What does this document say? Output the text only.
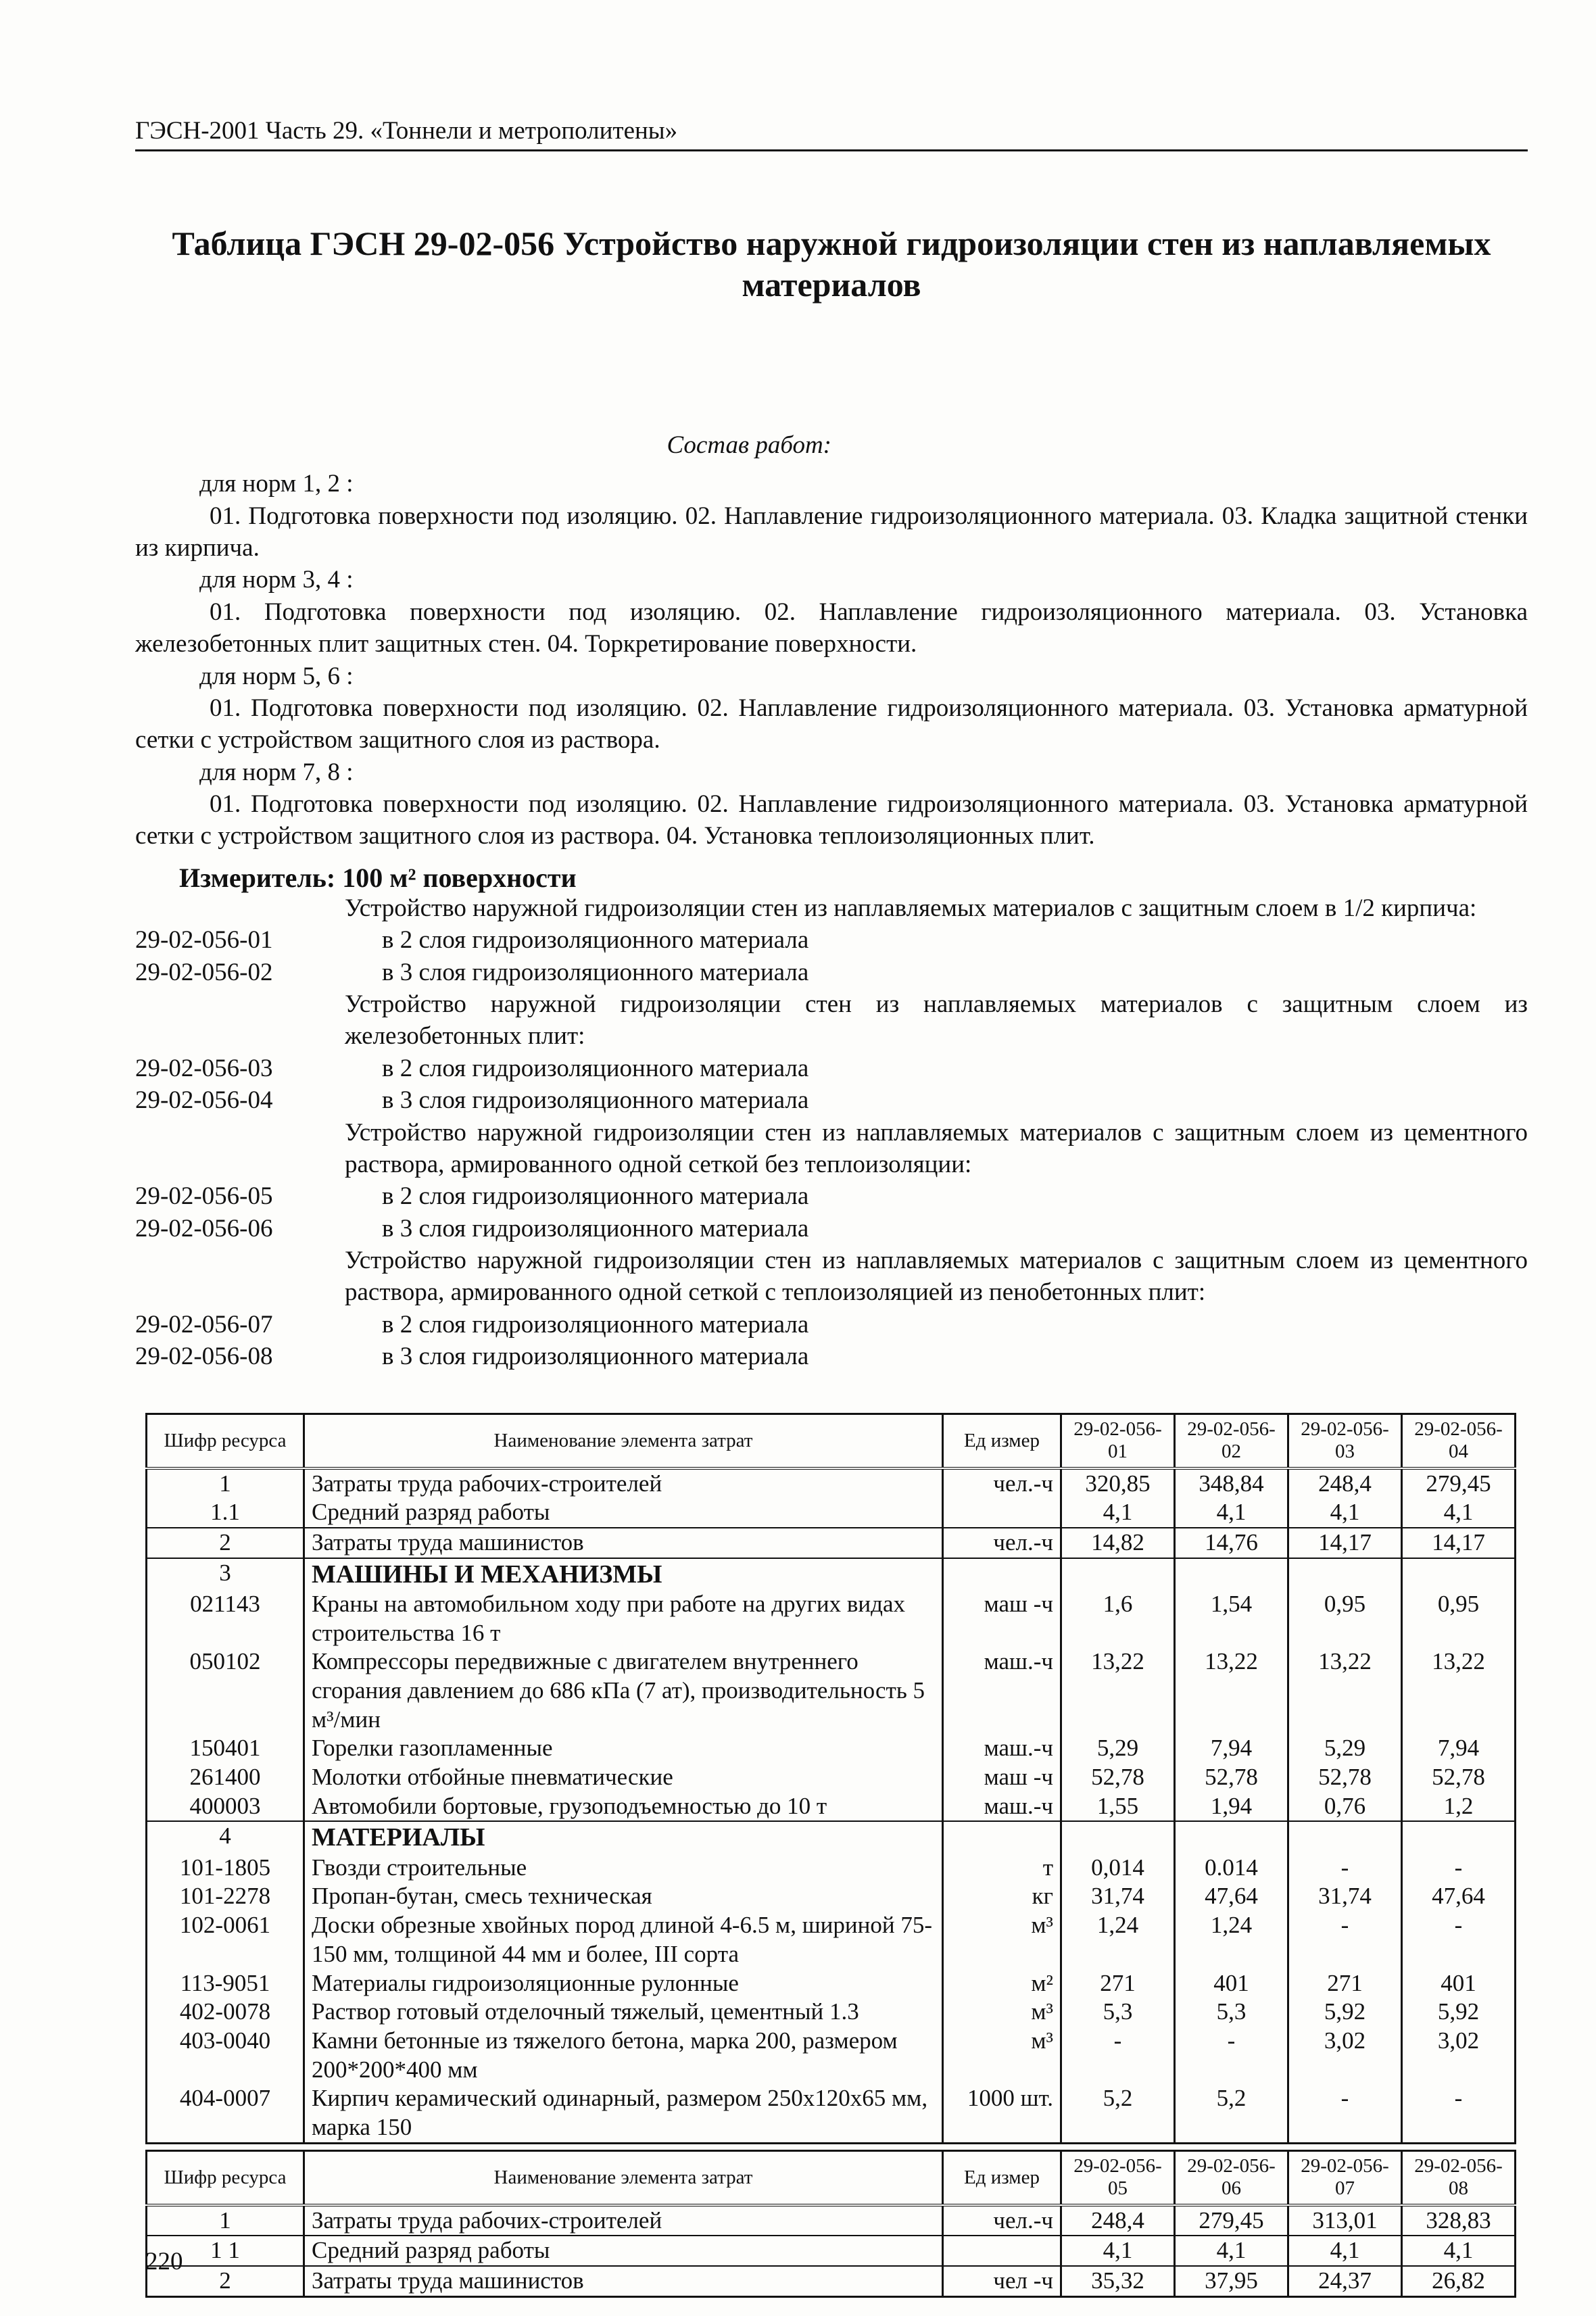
ГЭСН-2001 Часть 29. «Тоннели и метрополитены»
Таблица ГЭСН 29-02-056 Устройство наружной гидроизоляции стен из наплавляемых
материалов
Состав работ:
для норм 1, 2 :
01. Подготовка поверхности под изоляцию. 02. Наплавление гидроизоляционного материала. 03. Кладка защитной стенки из кирпича.
для норм 3, 4 :
01. Подготовка поверхности под изоляцию. 02. Наплавление гидроизоляционного материала. 03. Установка железобетонных плит защитных стен. 04. Торкретирование поверхности.
для норм 5, 6 :
01. Подготовка поверхности под изоляцию. 02. Наплавление гидроизоляционного материала. 03. Установка арматурной сетки с устройством защитного слоя из раствора.
для норм 7, 8 :
01. Подготовка поверхности под изоляцию. 02. Наплавление гидроизоляционного материала. 03. Установка арматурной сетки с устройством защитного слоя из раствора. 04. Установка теплоизоляционных плит.
Измеритель: 100 м² поверхности
Устройство наружной гидроизоляции стен из наплавляемых материалов с защитным слоем в 1/2 кирпича:
29-02-056-01	в 2 слоя гидроизоляционного материала
29-02-056-02	в 3 слоя гидроизоляционного материала
Устройство наружной гидроизоляции стен из наплавляемых материалов с защитным слоем из железобетонных плит:
29-02-056-03	в 2 слоя гидроизоляционного материала
29-02-056-04	в 3 слоя гидроизоляционного материала
Устройство наружной гидроизоляции стен из наплавляемых материалов с защитным слоем из цементного раствора, армированного одной сеткой без теплоизоляции:
29-02-056-05	в 2 слоя гидроизоляционного материала
29-02-056-06	в 3 слоя гидроизоляционного материала
Устройство наружной гидроизоляции стен из наплавляемых материалов с защитным слоем из цементного раствора, армированного одной сеткой с теплоизоляцией из пенобетонных плит:
29-02-056-07	в 2 слоя гидроизоляционного материала
29-02-056-08	в 3 слоя гидроизоляционного материала
Шифр ресурса	Наименование элемента затрат	Ед измер	29-02-056-01	29-02-056-02	29-02-056-03	29-02-056-04
1	Затраты труда рабочих-строителей	чел.-ч	320,85	348,84	248,4	279,45
1.1	Средний разряд работы		4,1	4,1	4,1	4,1
2	Затраты труда машинистов	чел.-ч	14,82	14,76	14,17	14,17
3	МАШИНЫ И МЕХАНИЗМЫ					
021143	Краны на автомобильном ходу при работе на других видах строительства 16 т	маш -ч	1,6	1,54	0,95	0,95
050102	Компрессоры передвижные с двигателем внутреннего сгорания давлением до 686 кПа (7 ат), производительность 5 м³/мин	маш.-ч	13,22	13,22	13,22	13,22
150401	Горелки газопламенные	маш.-ч	5,29	7,94	5,29	7,94
261400	Молотки отбойные пневматические	маш -ч	52,78	52,78	52,78	52,78
400003	Автомобили бортовые, грузоподъемностью до 10 т	маш.-ч	1,55	1,94	0,76	1,2
4	МАТЕРИАЛЫ					
101-1805	Гвозди строительные	т	0,014	0.014	-	-
101-2278	Пропан-бутан, смесь техническая	кг	31,74	47,64	31,74	47,64
102-0061	Доски обрезные хвойных пород длиной 4-6.5 м, шириной 75-150 мм, толщиной 44 мм и более, III сорта	м³	1,24	1,24	-	-
113-9051	Материалы гидроизоляционные рулонные	м²	271	401	271	401
402-0078	Раствор готовый отделочный тяжелый, цементный 1.3	м³	5,3	5,3	5,92	5,92
403-0040	Камни бетонные из тяжелого бетона, марка 200, размером 200*200*400 мм	м³	-	-	3,02	3,02
404-0007	Кирпич керамический одинарный, размером 250x120x65 мм, марка 150	1000 шт.	5,2	5,2	-	-
Шифр ресурса	Наименование элемента затрат	Ед измер	29-02-056-05	29-02-056-06	29-02-056-07	29-02-056-08
1	Затраты труда рабочих-строителей	чел.-ч	248,4	279,45	313,01	328,83
1 1	Средний разряд работы		4,1	4,1	4,1	4,1
2	Затраты труда машинистов	чел -ч	35,32	37,95	24,37	26,82
220
